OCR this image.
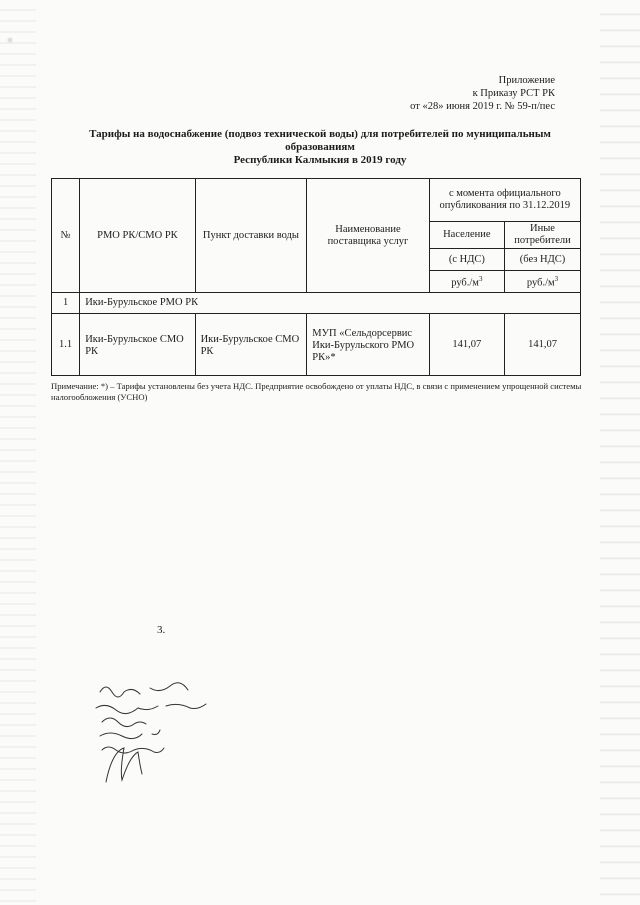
Приложение
к Приказу РСТ РК
от «28» июня 2019 г. № 59-п/пес
Тарифы на водоснабжение (подвоз технической воды) для потребителей по муниципальным
образованиям
Республики Калмыкия в 2019 году
№	РМО РК/СМО РК	Пункт доставки воды	Наименование поставщика услуг	с момента официального опубликования по 31.12.2019	
				Население	Иные потребители
				(с НДС)	(без НДС)
				$руб./м^3$	$руб./м^3$
1	Ики-Бурульское РМО РК				
1.1	Ики-Бурульское СМО РК	Ики-Бурульское СМО РК	МУП «Сельдорсервис Ики-Бурульского РМО РК»*	141,07	141,07
Примечание: *) – Тарифы установлены без учета НДС. Предприятие освобождено от уплаты НДС, в связи с применением упрощенной системы налогообложения (УСНО)
3.
